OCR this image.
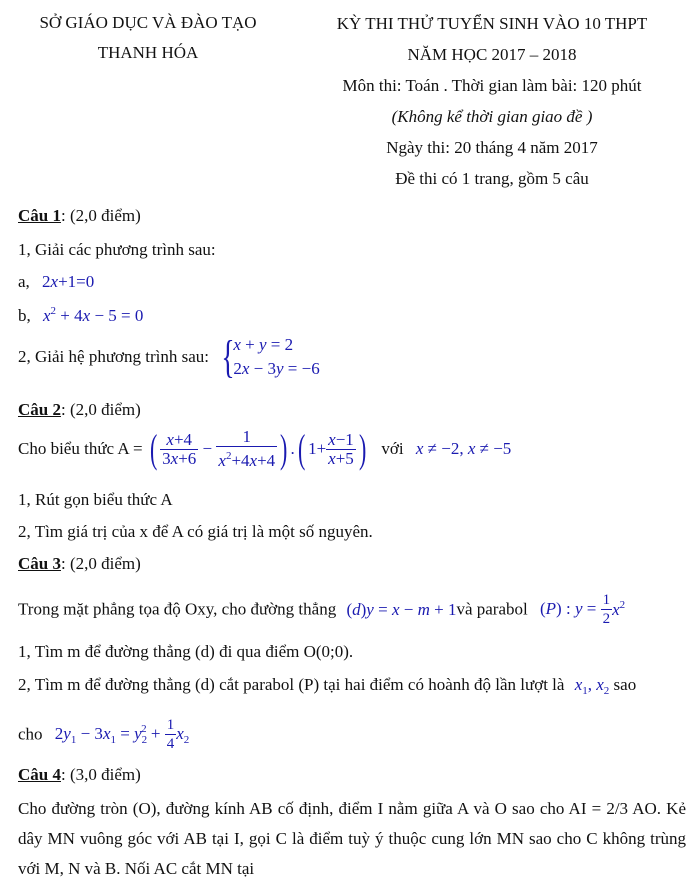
SỞ GIÁO DỤC VÀ ĐÀO TẠO
THANH HÓA
KỲ THI THỬ TUYỂN SINH VÀO 10 THPT
NĂM HỌC 2017 – 2018
Môn thi: Toán . Thời gian làm bài: 120 phút
(Không kể thời gian giao đề )
Ngày thi: 20 tháng 4 năm 2017
Đề thi có 1 trang, gồm 5 câu
Câu 1: (2,0 điểm)
1, Giải các phương trình sau:
a, 2x+1=0
b, $x^2 + 4x - 5 = 0$
2, Giải hệ phương trình sau: {
x + y = 2
2x − 3y = −6
Câu 2: (2,0 điểm)
Cho biểu thức A = ( $\frac{x+4}{3x+6} - \frac{1}{x^2+4x+4}$ ) .( $1+ \frac{x-1}{x+5}$ ) với x ≠ −2, x ≠ −5
1, Rút gọn biểu thức A
2, Tìm giá trị của x để A có giá trị là một số nguyên.
Câu 3: (2,0 điểm)
Trong mặt phẳng tọa độ Oxy, cho đường thẳng (d)y = x − m + 1và parabol (P) : $y = \frac{1}{2} x^2$
1, Tìm m để đường thẳng (d) đi qua điểm O(0;0).
2, Tìm m để đường thẳng (d) cắt parabol (P) tại hai điểm có hoành độ lần lượt là $x_1$, $x_2$ sao
cho $2y_1 - 3x_1 = y_2^2 + \frac{1}{4} x_2$
Câu 4: (3,0 điểm)
Cho đường tròn (O), đường kính AB cố định, điểm I nằm giữa A và O sao cho AI = 2/3 AO. Kẻ dây MN vuông góc với AB tại I, gọi C là điểm tuỳ ý thuộc cung lớn MN sao cho C không trùng với M, N và B. Nối AC cắt MN tại
